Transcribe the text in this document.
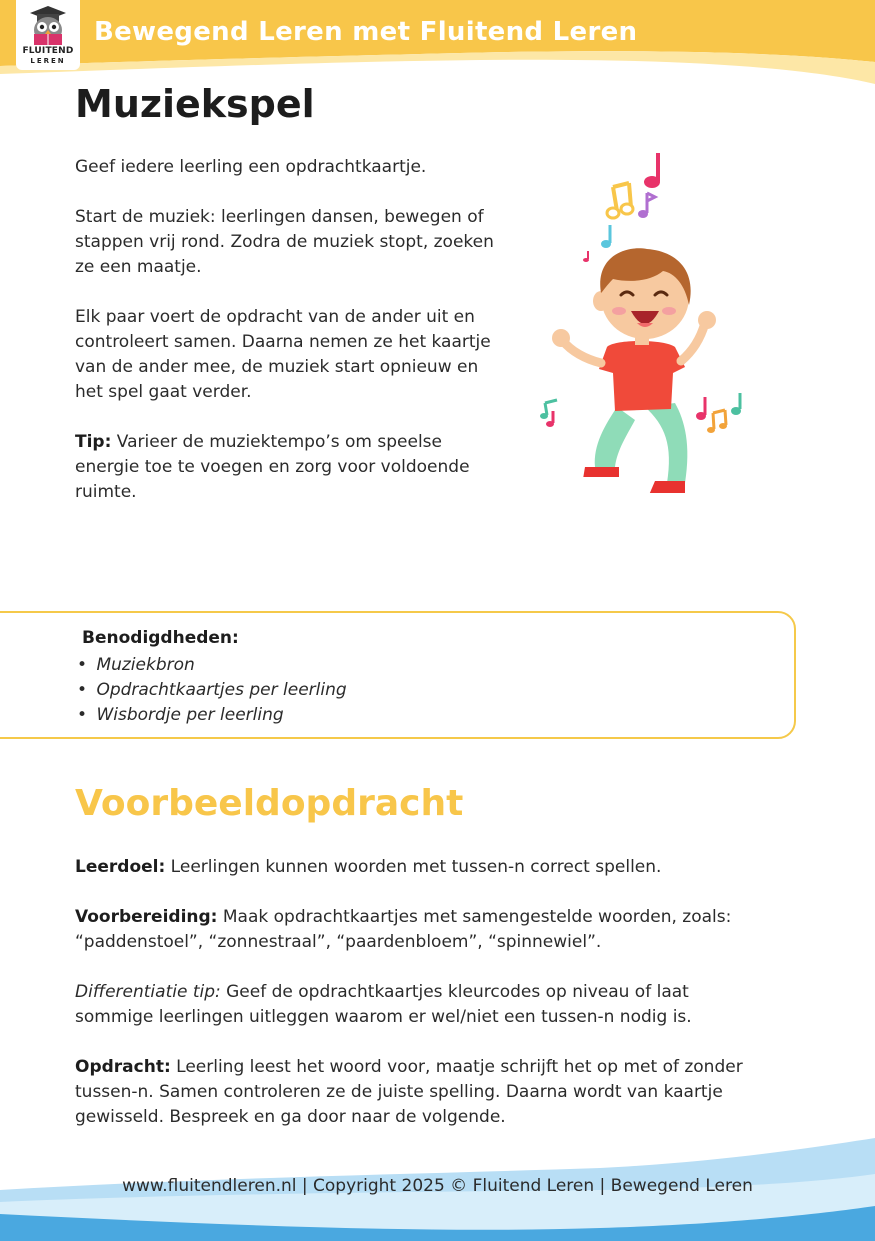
FLUITEND
LEREN
Bewegend Leren met Fluitend Leren
Muziekspel

Geef iedere leerling een opdrachtkaartje.

Start de muziek: leerlingen dansen, bewegen of stappen vrij rond. Zodra de muziek stopt, zoeken ze een maatje.

Elk paar voert de opdracht van de ander uit en controleert samen. Daarna nemen ze het kaartje van de ander mee, de muziek start opnieuw en het spel gaat verder.

Tip: Varieer de muziektempo’s om speelse energie toe te voegen en zorg voor voldoende ruimte.

Benodigdheden:
• Muziekbron
• Opdrachtkaartjes per leerling
• Wisbordje per leerling
Voorbeeldopdracht

Leerdoel: Leerlingen kunnen woorden met tussen-n correct spellen.

Voorbereiding: Maak opdrachtkaartjes met samengestelde woorden, zoals: “paddenstoel”, “zonnestraal”, “paardenbloem”, “spinnewiel”.

Differentiatie tip: Geef de opdrachtkaartjes kleurcodes op niveau of laat sommige leerlingen uitleggen waarom er wel/niet een tussen-n nodig is.

Opdracht: Leerling leest het woord voor, maatje schrijft het op met of zonder tussen-n. Samen controleren ze de juiste spelling. Daarna wordt van kaartje gewisseld. Bespreek en ga door naar de volgende.

www.fluitendleren.nl | Copyright 2025 © Fluitend Leren | Bewegend Leren
